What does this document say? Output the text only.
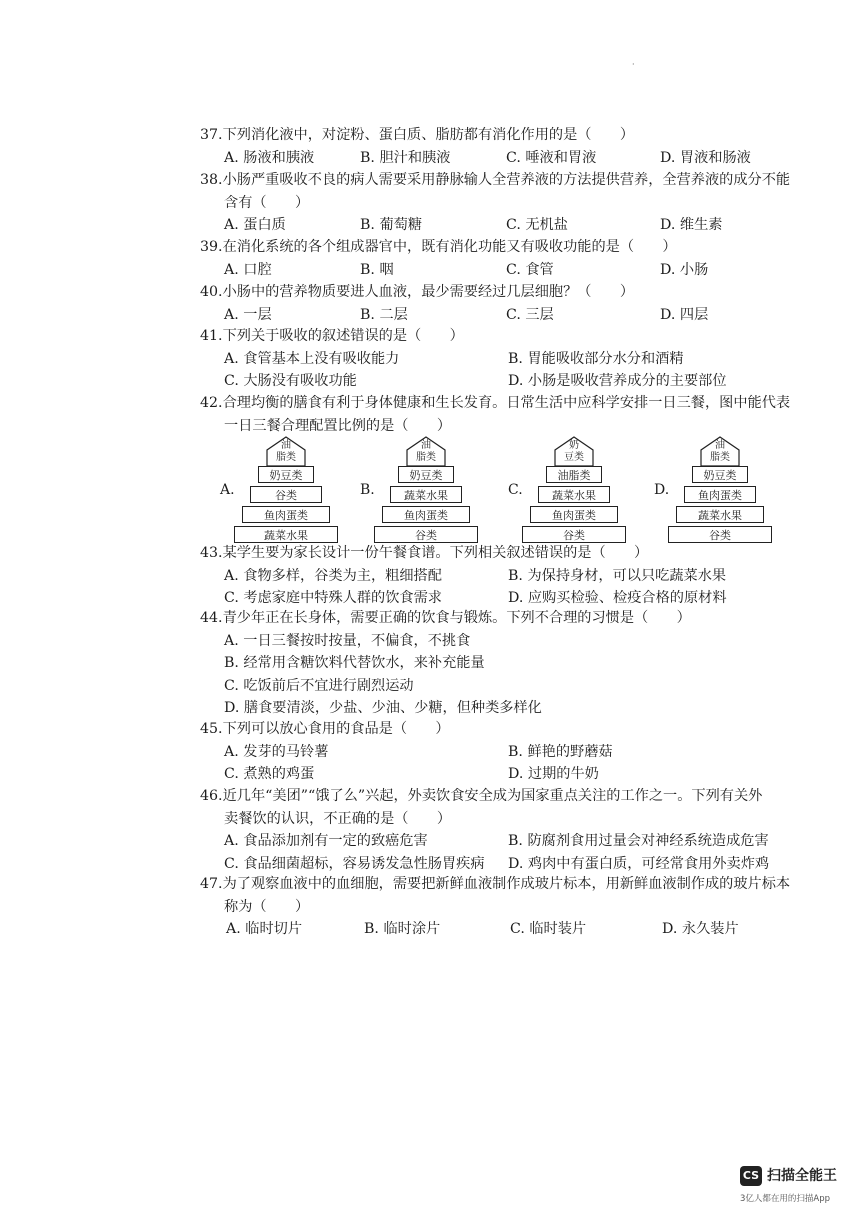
·
37.下列消化液中，对淀粉、蛋白质、脂肪都有消化作用的是（　　）
A. 肠液和胰液	B. 胆汁和胰液	C. 唾液和胃液	D. 胃液和肠液
38.小肠严重吸收不良的病人需要采用静脉输人全营养液的方法提供营养，全营养液的成分不能
含有（　　）
A. 蛋白质	B. 葡萄糖	C. 无机盐	D. 维生素
39.在消化系统的各个组成器官中，既有消化功能又有吸收功能的是（　　）
A. 口腔	B. 咽	C. 食管	D. 小肠
40.小肠中的营养物质要进人血液，最少需要经过几层细胞？（　　）
A. 一层	B. 二层	C. 三层	D. 四层
41.下列关于吸收的叙述错误的是（　　）
A. 食管基本上没有吸收能力	B. 胃能吸收部分水分和酒精
C. 大肠没有吸收功能	D. 小肠是吸收营养成分的主要部位
42.合理均衡的膳食有利于身体健康和生长发育。日常生活中应科学安排一日三餐，图中能代表
一日三餐合理配置比例的是（　　）
A.
油
脂类
奶豆类
谷类
鱼肉蛋类
蔬菜水果
B.
油
脂类
奶豆类
蔬菜水果
鱼肉蛋类
谷类
C.
奶
豆类
油脂类
蔬菜水果
鱼肉蛋类
谷类
D.
油
脂类
奶豆类
鱼肉蛋类
蔬菜水果
谷类
43.某学生要为家长设计一份午餐食谱。下列相关叙述错误的是（　　）
A. 食物多样，谷类为主，粗细搭配	B. 为保持身材，可以只吃蔬菜水果
C. 考虑家庭中特殊人群的饮食需求	D. 应购买检验、检疫合格的原材料
44.青少年正在长身体，需要正确的饮食与锻炼。下列不合理的习惯是（　　）
A. 一日三餐按时按量，不偏食，不挑食
B. 经常用含糖饮料代替饮水，来补充能量
C. 吃饭前后不宜进行剧烈运动
D. 膳食要清淡，少盐、少油、少糖，但种类多样化
45.下列可以放心食用的食品是（　　）
A. 发芽的马铃薯	B. 鲜艳的野蘑菇
C. 煮熟的鸡蛋	D. 过期的牛奶
46.近几年“美团”“饿了么”兴起，外卖饮食安全成为国家重点关注的工作之一。下列有关外
卖餐饮的认识，不正确的是（　　）
A. 食品添加剂有一定的致癌危害	B. 防腐剂食用过量会对神经系统造成危害
C. 食品细菌超标，容易诱发急性肠胃疾病 D. 鸡肉中有蛋白质，可经常食用外卖炸鸡
47.为了观察血液中的血细胞，需要把新鲜血液制作成玻片标本，用新鲜血液制作成的玻片标本
称为（　　）
A. 临时切片	B. 临时涂片	C. 临时装片	D. 永久装片
CS 扫描全能王
3亿人都在用的扫描App
